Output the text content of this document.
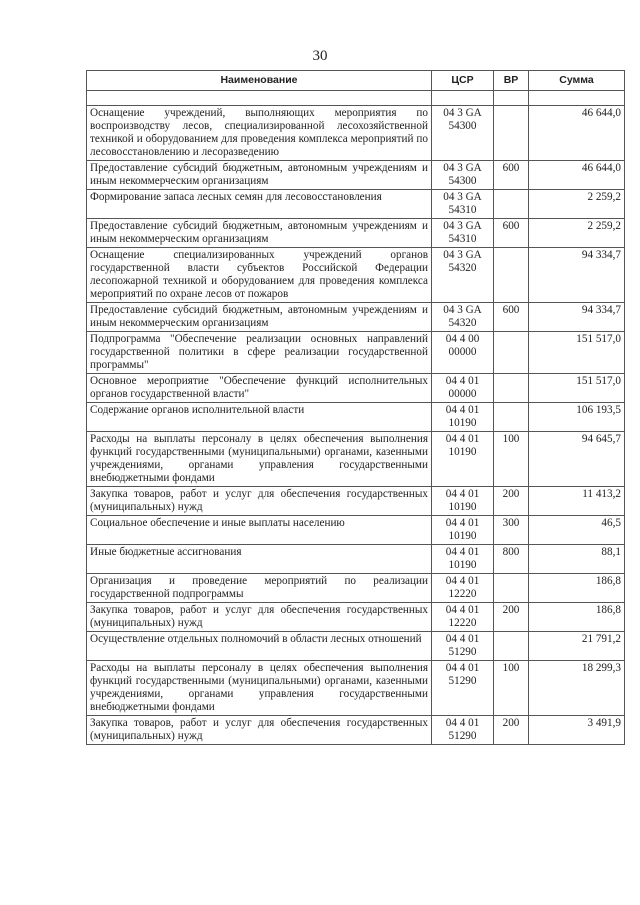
30
Наименование	ЦСР	ВР	Сумма

Оснащение учреждений, выполняющих мероприятия по воспроизводству лесов, специализированной лесохозяйственной техникой и оборудованием для проведения комплекса мероприятий по лесовосстановлению и лесоразведению	04 3 GA 54300		46 644,0
Предоставление субсидий бюджетным, автономным учреждениям и иным некоммерческим организациям	04 3 GA 54300	600	46 644,0
Формирование запаса лесных семян для лесовосстановления	04 3 GA 54310		2 259,2
Предоставление субсидий бюджетным, автономным учреждениям и иным некоммерческим организациям	04 3 GA 54310	600	2 259,2
Оснащение специализированных учреждений органов государственной власти субъектов Российской Федерации лесопожарной техникой и оборудованием для проведения комплекса мероприятий по охране лесов от пожаров	04 3 GA 54320		94 334,7
Предоставление субсидий бюджетным, автономным учреждениям и иным некоммерческим организациям	04 3 GA 54320	600	94 334,7
Подпрограмма "Обеспечение реализации основных направлений государственной политики в сфере реализации государственной программы"	04 4 00 00000		151 517,0
Основное мероприятие "Обеспечение функций исполнительных органов государственной власти"	04 4 01 00000		151 517,0
Содержание органов исполнительной власти	04 4 01 10190		106 193,5
Расходы на выплаты персоналу в целях обеспечения выполнения функций государственными (муниципальными) органами, казенными учреждениями, органами управления государственными внебюджетными фондами	04 4 01 10190	100	94 645,7
Закупка товаров, работ и услуг для обеспечения государственных (муниципальных) нужд	04 4 01 10190	200	11 413,2
Социальное обеспечение и иные выплаты населению	04 4 01 10190	300	46,5
Иные бюджетные ассигнования	04 4 01 10190	800	88,1
Организация и проведение мероприятий по реализации государственной подпрограммы	04 4 01 12220		186,8
Закупка товаров, работ и услуг для обеспечения государственных (муниципальных) нужд	04 4 01 12220	200	186,8
Осуществление отдельных полномочий в области лесных отношений	04 4 01 51290		21 791,2
Расходы на выплаты персоналу в целях обеспечения выполнения функций государственными (муниципальными) органами, казенными учреждениями, органами управления государственными внебюджетными фондами	04 4 01 51290	100	18 299,3
Закупка товаров, работ и услуг для обеспечения государственных (муниципальных) нужд	04 4 01 51290	200	3 491,9
